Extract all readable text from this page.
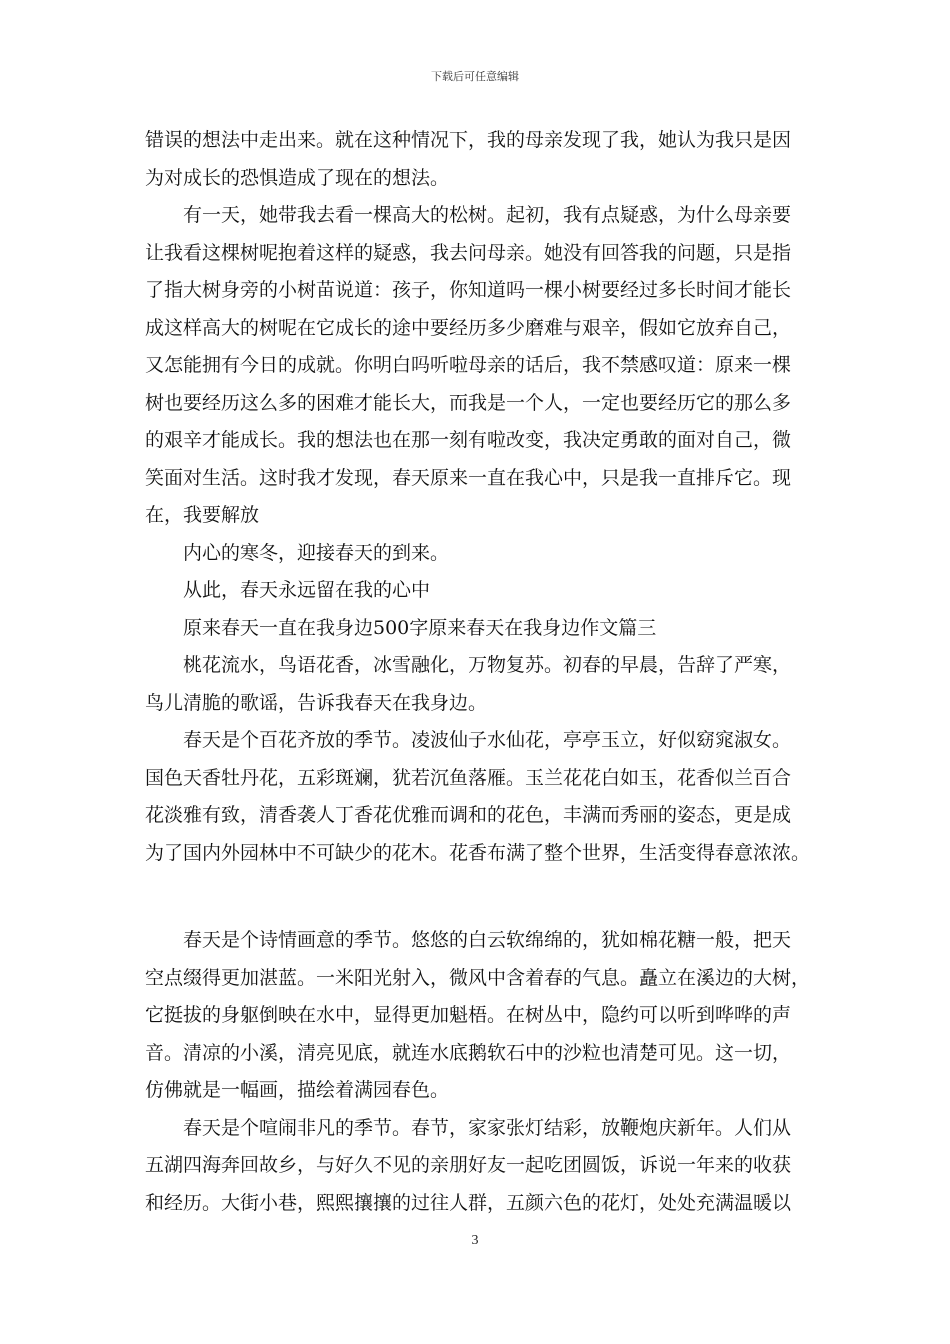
下载后可任意编辑
错误的想法中走出来。就在这种情况下，我的母亲发现了我，她认为我只是因
为对成长的恐惧造成了现在的想法。
有一天，她带我去看一棵高大的松树。起初，我有点疑惑，为什么母亲要
让我看这棵树呢抱着这样的疑惑，我去问母亲。她没有回答我的问题，只是指
了指大树身旁的小树苗说道：孩子，你知道吗一棵小树要经过多长时间才能长
成这样高大的树呢在它成长的途中要经历多少磨难与艰辛，假如它放弃自己，
又怎能拥有今日的成就。你明白吗听啦母亲的话后，我不禁感叹道：原来一棵
树也要经历这么多的困难才能长大，而我是一个人，一定也要经历它的那么多
的艰辛才能成长。我的想法也在那一刻有啦改变，我决定勇敢的面对自己，微
笑面对生活。这时我才发现，春天原来一直在我心中，只是我一直排斥它。现
在，我要解放
内心的寒冬，迎接春天的到来。
从此，春天永远留在我的心中
原来春天一直在我身边500字原来春天在我身边作文篇三
桃花流水，鸟语花香，冰雪融化，万物复苏。初春的早晨，告辞了严寒，
鸟儿清脆的歌谣，告诉我春天在我身边。
春天是个百花齐放的季节。凌波仙子水仙花，亭亭玉立，好似窈窕淑女。
国色天香牡丹花，五彩斑斓，犹若沉鱼落雁。玉兰花花白如玉，花香似兰百合
花淡雅有致，清香袭人丁香花优雅而调和的花色，丰满而秀丽的姿态，更是成
为了国内外园林中不可缺少的花木。花香布满了整个世界，生活变得春意浓浓。
春天是个诗情画意的季节。悠悠的白云软绵绵的，犹如棉花糖一般，把天
空点缀得更加湛蓝。一米阳光射入，微风中含着春的气息。矗立在溪边的大树，
它挺拔的身躯倒映在水中，显得更加魁梧。在树丛中，隐约可以听到哗哗的声
音。清凉的小溪，清亮见底，就连水底鹅软石中的沙粒也清楚可见。这一切，
仿佛就是一幅画，描绘着满园春色。
春天是个喧闹非凡的季节。春节，家家张灯结彩，放鞭炮庆新年。人们从
五湖四海奔回故乡，与好久不见的亲朋好友一起吃团圆饭，诉说一年来的收获
和经历。大街小巷，熙熙攘攘的过往人群，五颜六色的花灯，处处充满温暖以
3
